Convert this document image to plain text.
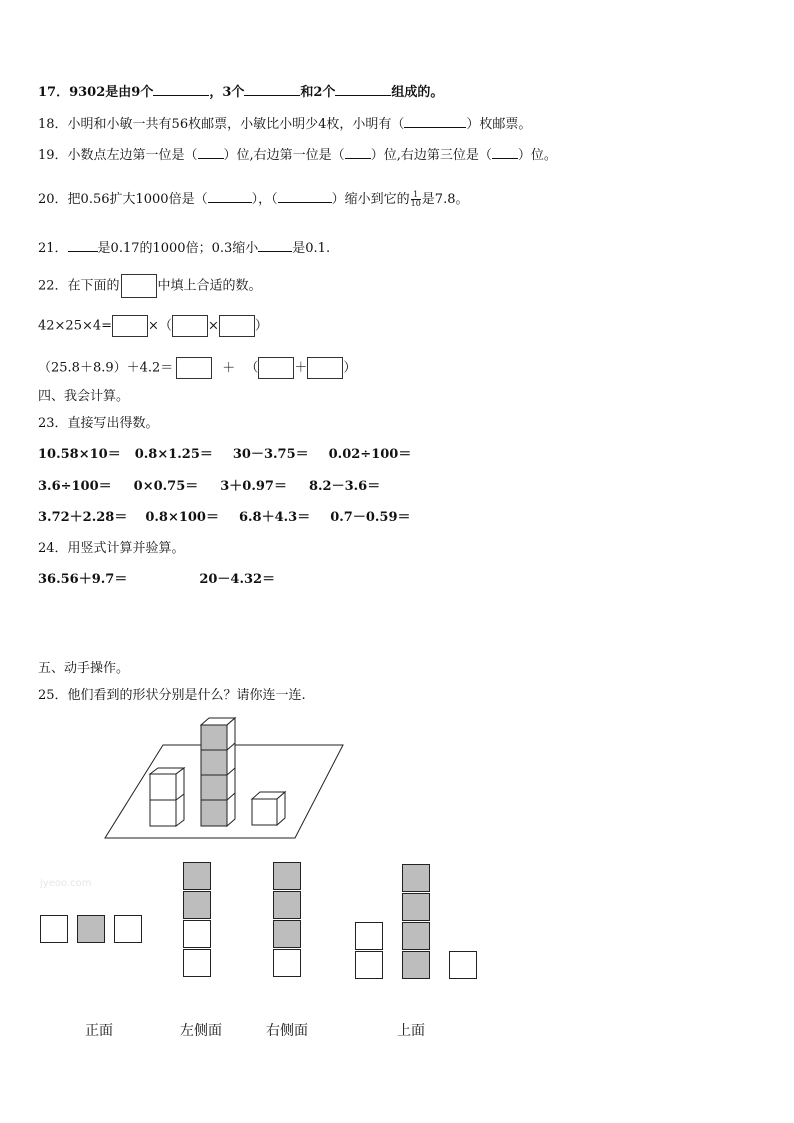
17．9302是由9个	，3个	和2个	组成的。
18．小明和小敏一共有56枚邮票，小敏比小明少4枚，小明有（	）枚邮票。
19．小数点左边第一位是（ ）位,右边第一位是（ ）位,右边第三位是（ ）位。
20．把0.56扩大1000倍是（	），（	）缩小到它的 $\frac{1}{10}$ 是7.8。
21． 是0.17的1000倍；0.3缩小	是0.1.
22．在下面的	中填上合适的数。
42×25×4=	×（	×	）
（25.8＋8.9）＋4.2＝	＋ （	＋	）
四、我会计算。
23．直接写出得数。
10.58×10＝ 0.8×1.25＝ 30－3.75＝ 0.02÷100＝
3.6÷100＝ 0×0.75＝ 3＋0.97＝ 8.2－3.6＝
3.72＋2.28＝ 0.8×100＝ 6.8＋4.3＝ 0.7－0.59＝
24．用竖式计算并验算。
36.56＋9.7＝	20－4.32＝
五、动手操作。
25．他们看到的形状分别是什么？请你连一连.
jyeoo.com
正面	左侧面	右侧面	上面
